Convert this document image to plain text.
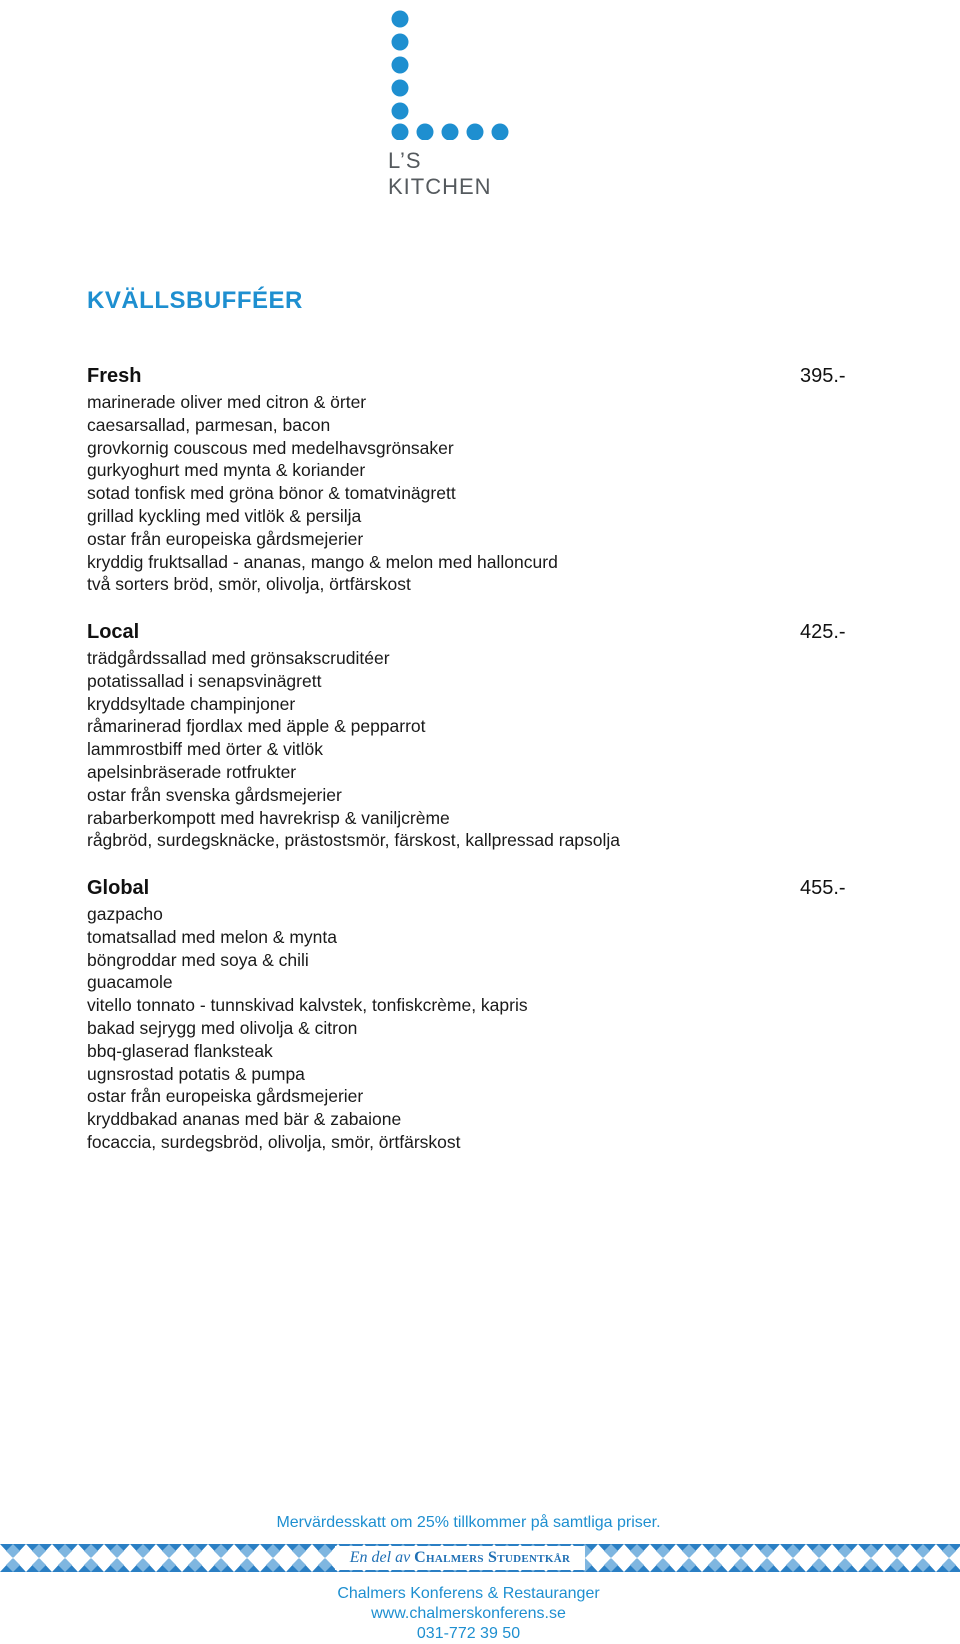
L’S KITCHEN
KVÄLLSBUFFÉER
Fresh	395.-
marinerade oliver med citron & örter
caesarsallad, parmesan, bacon
grovkornig couscous med medelhavsgrönsaker
gurkyoghurt med mynta & koriander
sotad tonfisk med gröna bönor & tomatvinägrett
grillad kyckling med vitlök & persilja
ostar från europeiska gårdsmejerier
kryddig fruktsallad - ananas, mango & melon med halloncurd
två sorters bröd, smör, olivolja, örtfärskost
Local	425.-
trädgårdssallad med grönsakscruditéer
potatissallad i senapsvinägrett
kryddsyltade champinjoner
råmarinerad fjordlax med äpple & pepparrot
lammrostbiff med örter & vitlök
apelsinbräserade rotfrukter
ostar från svenska gårdsmejerier
rabarberkompott med havrekrisp & vaniljcrème
rågbröd, surdegsknäcke, prästostsmör, färskost, kallpressad rapsolja
Global	455.-
gazpacho
tomatsallad med melon & mynta
böngroddar med soya & chili
guacamole
vitello tonnato - tunnskivad kalvstek, tonfiskcrème, kapris
bakad sejrygg med olivolja & citron
bbq-glaserad flanksteak
ugnsrostad potatis & pumpa
ostar från europeiska gårdsmejerier
kryddbakad ananas med bär & zabaione
focaccia, surdegsbröd, olivolja, smör, örtfärskost
Mervärdesskatt om 25% tillkommer på samtliga priser.
En del av Chalmers Studentkår
Chalmers Konferens & Restauranger
www.chalmerskonferens.se
031-772 39 50
